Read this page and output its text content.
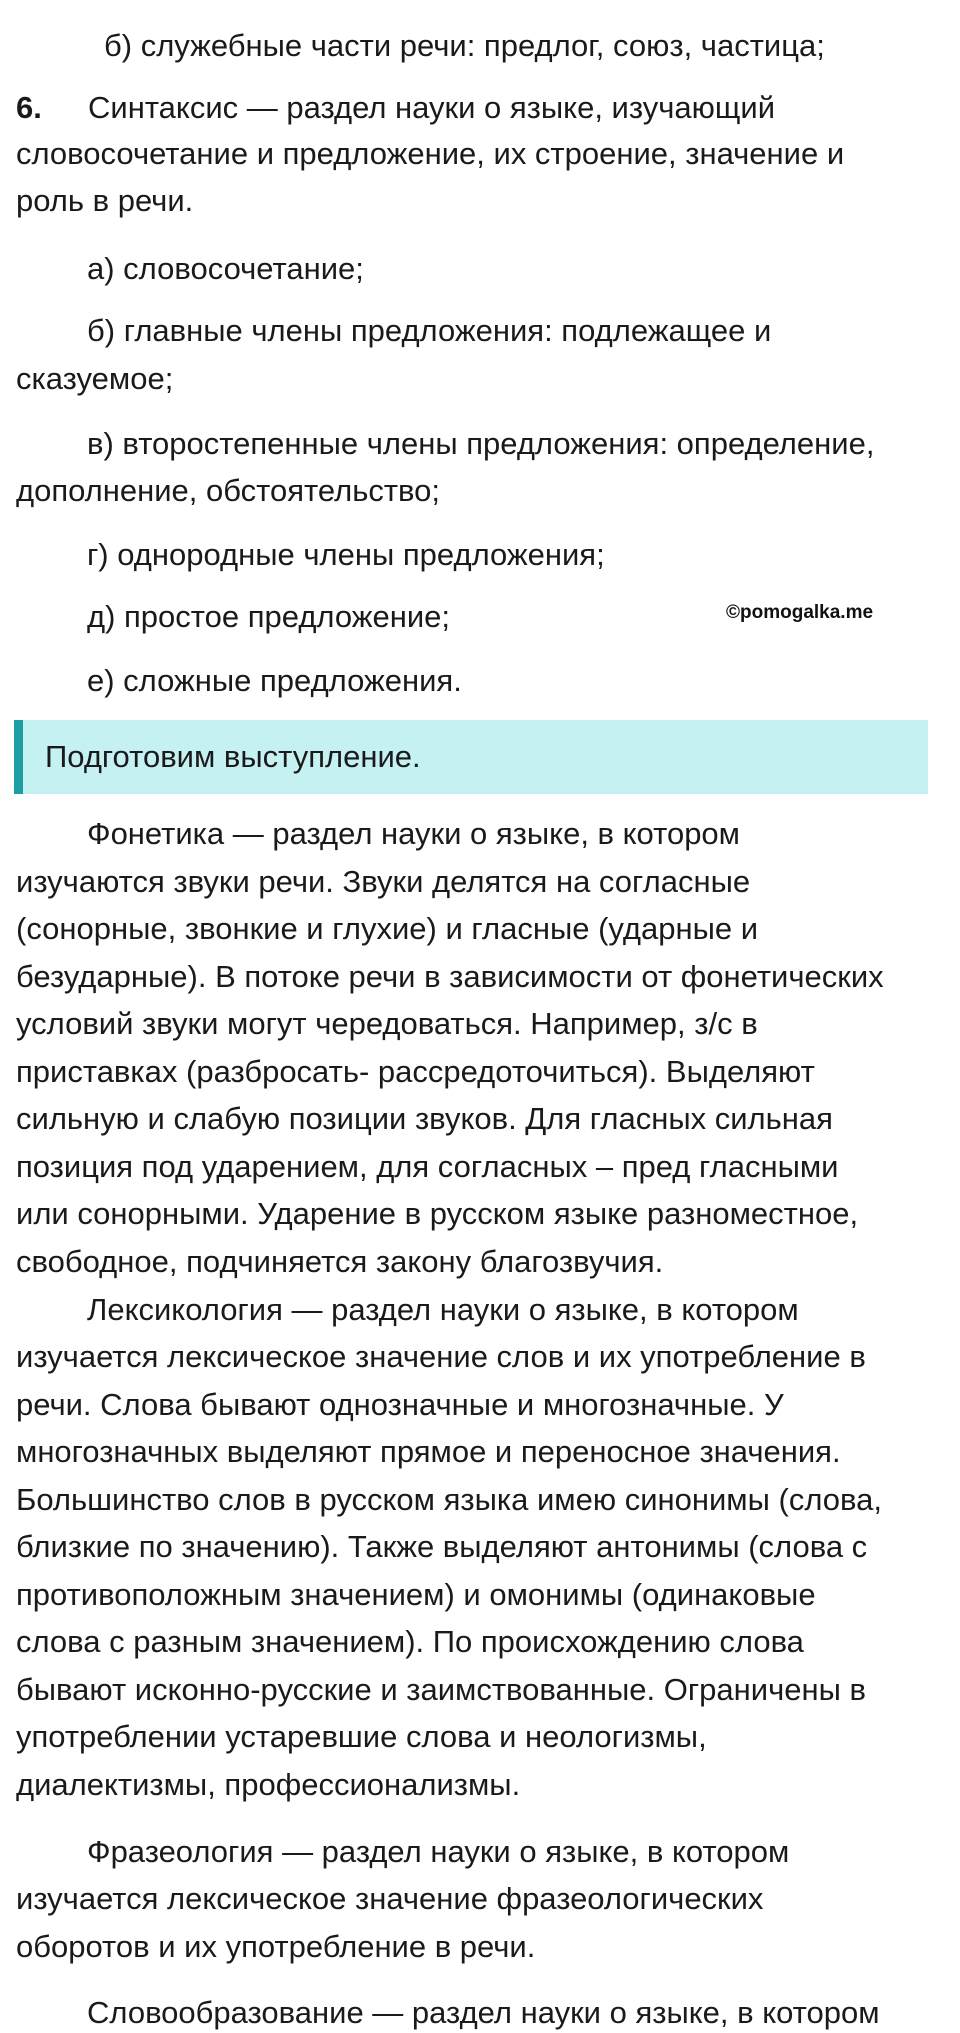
б) служебные части речи: предлог, союз, частица;
6. Синтаксис — раздел науки о языке, изучающий
словосочетание и предложение, их строение, значение и
роль в речи.
а) словосочетание;
б) главные члены предложения: подлежащее и
сказуемое;
в) второстепенные члены предложения: определение,
дополнение, обстоятельство;
г) однородные члены предложения;
д) простое предложение;
е) сложные предложения.
©pomogalka.me
Подготовим выступление.
Фонетика — раздел науки о языке, в котором
изучаются звуки речи. Звуки делятся на согласные
(сонорные, звонкие и глухие) и гласные (ударные и
безударные). В потоке речи в зависимости от фонетических
условий звуки могут чередоваться. Например, з/с в
приставках (разбросать- рассредоточиться). Выделяют
сильную и слабую позиции звуков. Для гласных сильная
позиция под ударением, для согласных – пред гласными
или сонорными. Ударение в русском языке разноместное,
свободное, подчиняется закону благозвучия.
Лексикология — раздел науки о языке, в котором
изучается лексическое значение слов и их употребление в
речи. Слова бывают однозначные и многозначные. У
многозначных выделяют прямое и переносное значения.
Большинство слов в русском языка имею синонимы (слова,
близкие по значению). Также выделяют антонимы (слова с
противоположным значением) и омонимы (одинаковые
слова с разным значением). По происхождению слова
бывают исконно-русские и заимствованные. Ограничены в
употреблении устаревшие слова и неологизмы,
диалектизмы, профессионализмы.
Фразеология — раздел науки о языке, в котором
изучается лексическое значение фразеологических
оборотов и их употребление в речи.
Словообразование — раздел науки о языке, в котором
